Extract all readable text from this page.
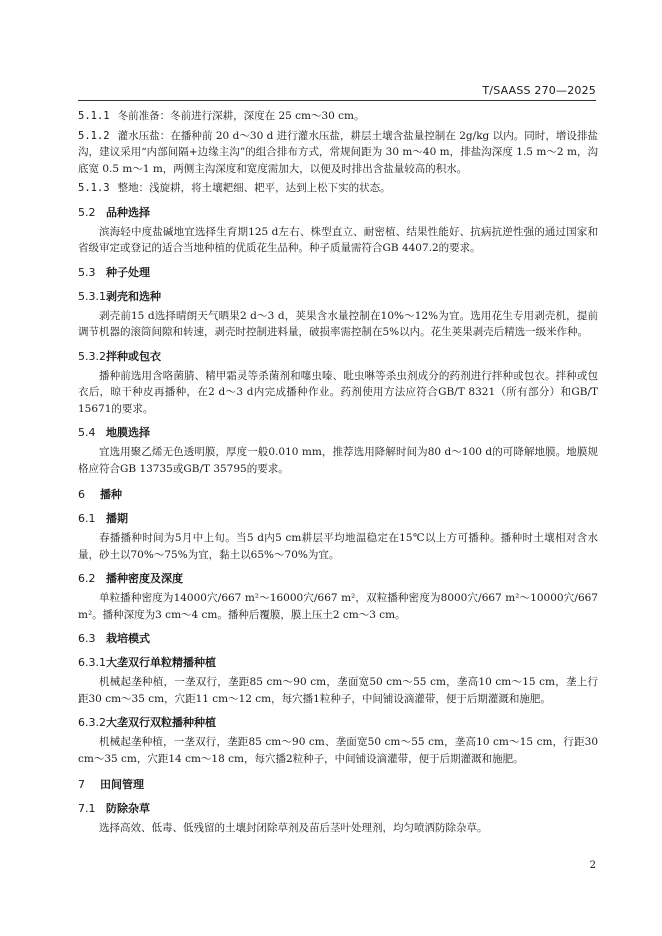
T/SAASS 270—2025

5.1.1 冬前准备：冬前进行深耕，深度在 25 cm～30 cm。

5.1.2 灌水压盐：在播种前 20 d～30 d 进行灌水压盐，耕层土壤含盐量控制在 2g/kg 以内。同时，增设排盐沟，建议采用“内部间隔+边缘主沟”的组合排布方式，常规间距为 30 m～40 m，排盐沟深度 1.5 m～2 m，沟底宽 0.5 m～1 m，两侧主沟深度和宽度需加大，以便及时排出含盐量较高的积水。

5.1.3 整地：浅旋耕，将土壤耙细、耙平，达到上松下实的状态。

5.2 品种选择

滨海轻中度盐碱地宜选择生育期125 d左右、株型直立、耐密植、结果性能好、抗病抗逆性强的通过国家和省级审定或登记的适合当地种植的优质花生品种。种子质量需符合GB 4407.2的要求。

5.3 种子处理
5.3.1剥壳和选种

剥壳前15 d选择晴朗天气晒果2 d～3 d，荚果含水量控制在10%～12%为宜。选用花生专用剥壳机，提前调节机器的滚筒间隙和转速，剥壳时控制进料量，破损率需控制在5%以内。花生荚果剥壳后精选一级米作种。

5.3.2拌种或包衣

播种前选用含咯菌腈、精甲霜灵等杀菌剂和噻虫嗪、吡虫啉等杀虫剂成分的药剂进行拌种或包衣。拌种或包衣后，晾干种皮再播种，在2 d～3 d内完成播种作业。药剂使用方法应符合GB/T 8321（所有部分）和GB/T 15671的要求。

5.4 地膜选择

宜选用聚乙烯无色透明膜，厚度一般0.010 mm，推荐选用降解时间为80 d～100 d的可降解地膜。地膜规格应符合GB 13735或GB/T 35795的要求。

6 播种
6.1 播期

春播播种时间为5月中上旬。当5 d内5 cm耕层平均地温稳定在15℃以上方可播种。播种时土壤相对含水量，砂土以70%～75%为宜，黏土以65%～70%为宜。

6.2 播种密度及深度

单粒播种密度为14000穴/667 m²～16000穴/667 m²，双粒播种密度为8000穴/667 m²～10000穴/667 m²。播种深度为3 cm～4 cm。播种后覆膜，膜上压土2 cm～3 cm。

6.3 栽培模式
6.3.1大垄双行单粒精播种植

机械起垄种植，一垄双行，垄距85 cm～90 cm，垄面宽50 cm～55 cm，垄高10 cm～15 cm，垄上行距30 cm～35 cm，穴距11 cm～12 cm，每穴播1粒种子，中间铺设滴灌带，便于后期灌溉和施肥。

6.3.2大垄双行双粒播种种植

机械起垄种植，一垄双行，垄距85 cm～90 cm、垄面宽50 cm～55 cm，垄高10 cm～15 cm，行距30 cm～35 cm，穴距14 cm～18 cm，每穴播2粒种子，中间铺设滴灌带，便于后期灌溉和施肥。

7 田间管理
7.1 防除杂草

选择高效、低毒、低残留的土壤封闭除草剂及苗后茎叶处理剂，均匀喷洒防除杂草。

2
